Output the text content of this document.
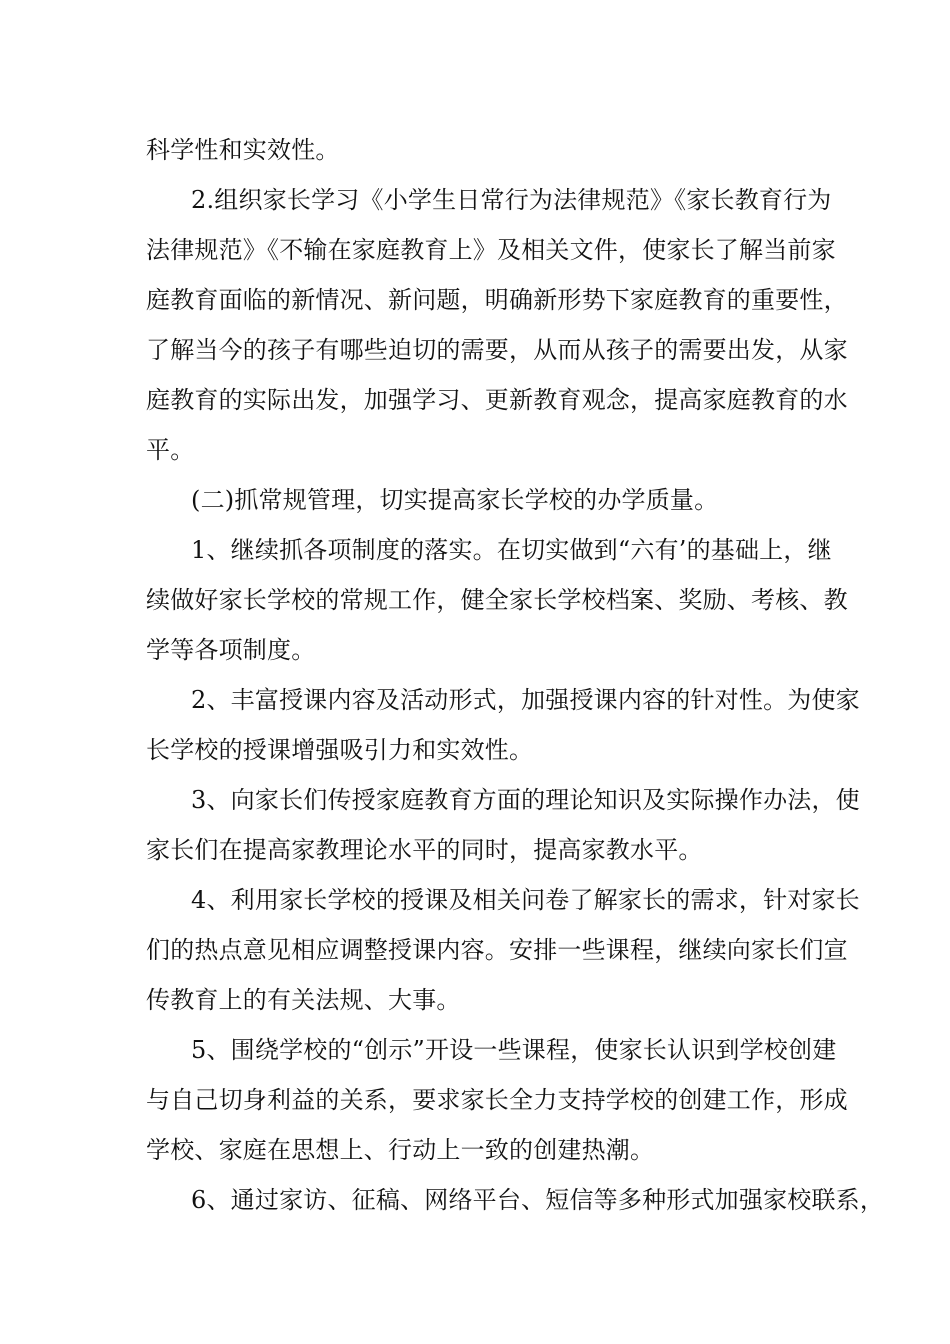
科学性和实效性。
2.组织家长学习《小学生日常行为法律规范》《家长教育行为
法律规范》《不输在家庭教育上》及相关文件，使家长了解当前家
庭教育面临的新情况、新问题，明确新形势下家庭教育的重要性，
了解当今的孩子有哪些迫切的需要，从而从孩子的需要出发，从家
庭教育的实际出发，加强学习、更新教育观念，提高家庭教育的水
平。
(二)抓常规管理，切实提高家长学校的办学质量。
1、继续抓各项制度的落实。在切实做到“六有’的基础上，继
续做好家长学校的常规工作，健全家长学校档案、奖励、考核、教
学等各项制度。
2、丰富授课内容及活动形式，加强授课内容的针对性。为使家
长学校的授课增强吸引力和实效性。
3、向家长们传授家庭教育方面的理论知识及实际操作办法，使
家长们在提高家教理论水平的同时，提高家教水平。
4、利用家长学校的授课及相关问卷了解家长的需求，针对家长
们的热点意见相应调整授课内容。安排一些课程，继续向家长们宣
传教育上的有关法规、大事。
5、围绕学校的“创示”开设一些课程，使家长认识到学校创建
与自己切身利益的关系，要求家长全力支持学校的创建工作，形成
学校、家庭在思想上、行动上一致的创建热潮。
6、通过家访、征稿、网络平台、短信等多种形式加强家校联系，
